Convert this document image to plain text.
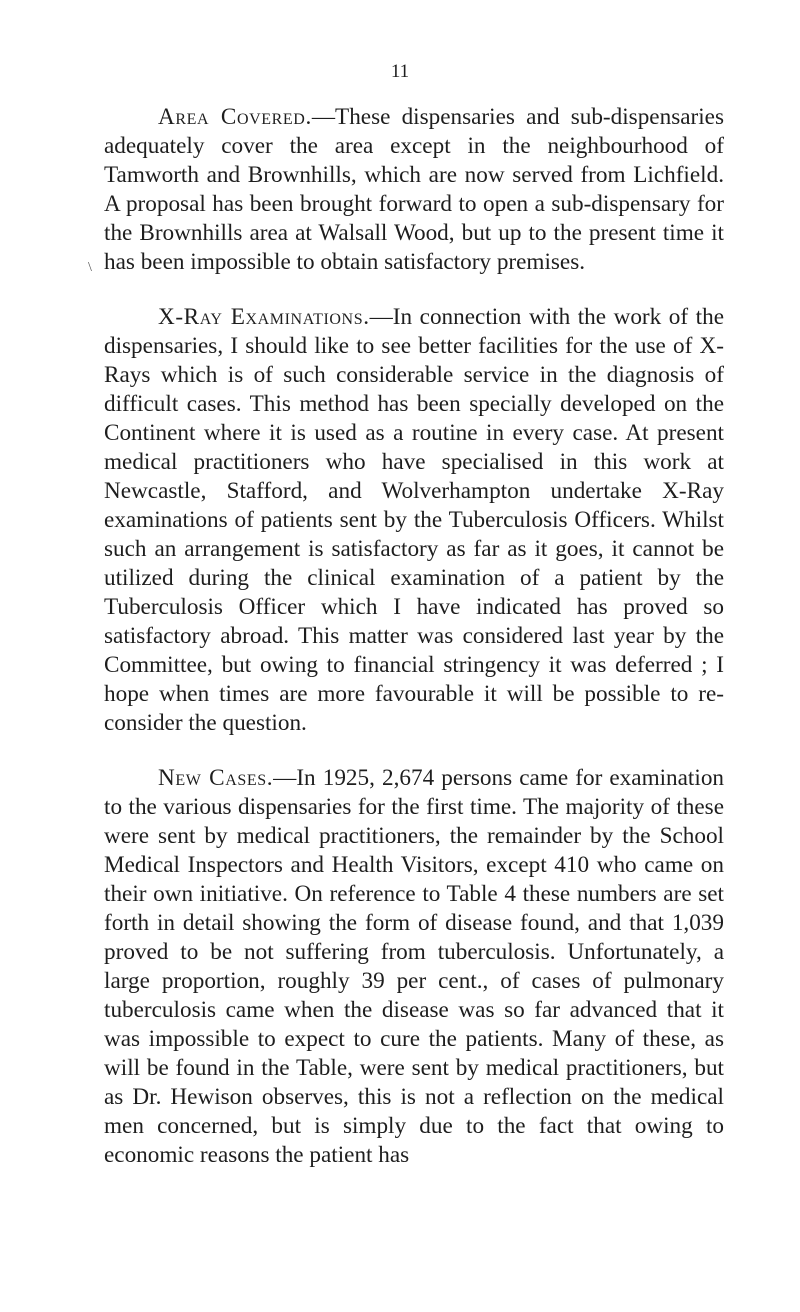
11
\

Area Covered.—These dispensaries and sub-dispensaries adequately cover the area except in the neighbourhood of Tamworth and Brownhills, which are now served from Lichfield. A proposal has been brought forward to open a sub-dispensary for the Brownhills area at Walsall Wood, but up to the present time it has been impossible to obtain satisfactory premises.

X-Ray Examinations.—In connection with the work of the dispensaries, I should like to see better facilities for the use of X-Rays which is of such considerable service in the diagnosis of difficult cases. This method has been specially developed on the Continent where it is used as a routine in every case. At present medical practitioners who have specialised in this work at Newcastle, Stafford, and Wolverhampton undertake X-Ray examinations of patients sent by the Tuberculosis Officers. Whilst such an arrangement is satisfactory as far as it goes, it cannot be utilized during the clinical examination of a patient by the Tuberculosis Officer which I have indicated has proved so satisfactory abroad. This matter was considered last year by the Committee, but owing to financial stringency it was deferred ; I hope when times are more favourable it will be possible to re-consider the question.

New Cases.—In 1925, 2,674 persons came for examination to the various dispensaries for the first time. The majority of these were sent by medical practitioners, the remainder by the School Medical Inspectors and Health Visitors, except 410 who came on their own initiative. On reference to Table 4 these numbers are set forth in detail showing the form of disease found, and that 1,039 proved to be not suffering from tuberculosis. Unfortunately, a large proportion, roughly 39 per cent., of cases of pulmonary tuberculosis came when the disease was so far advanced that it was impossible to expect to cure the patients. Many of these, as will be found in the Table, were sent by medical practitioners, but as Dr. Hewison observes, this is not a reflection on the medical men concerned, but is simply due to the fact that owing to economic reasons the patient has
